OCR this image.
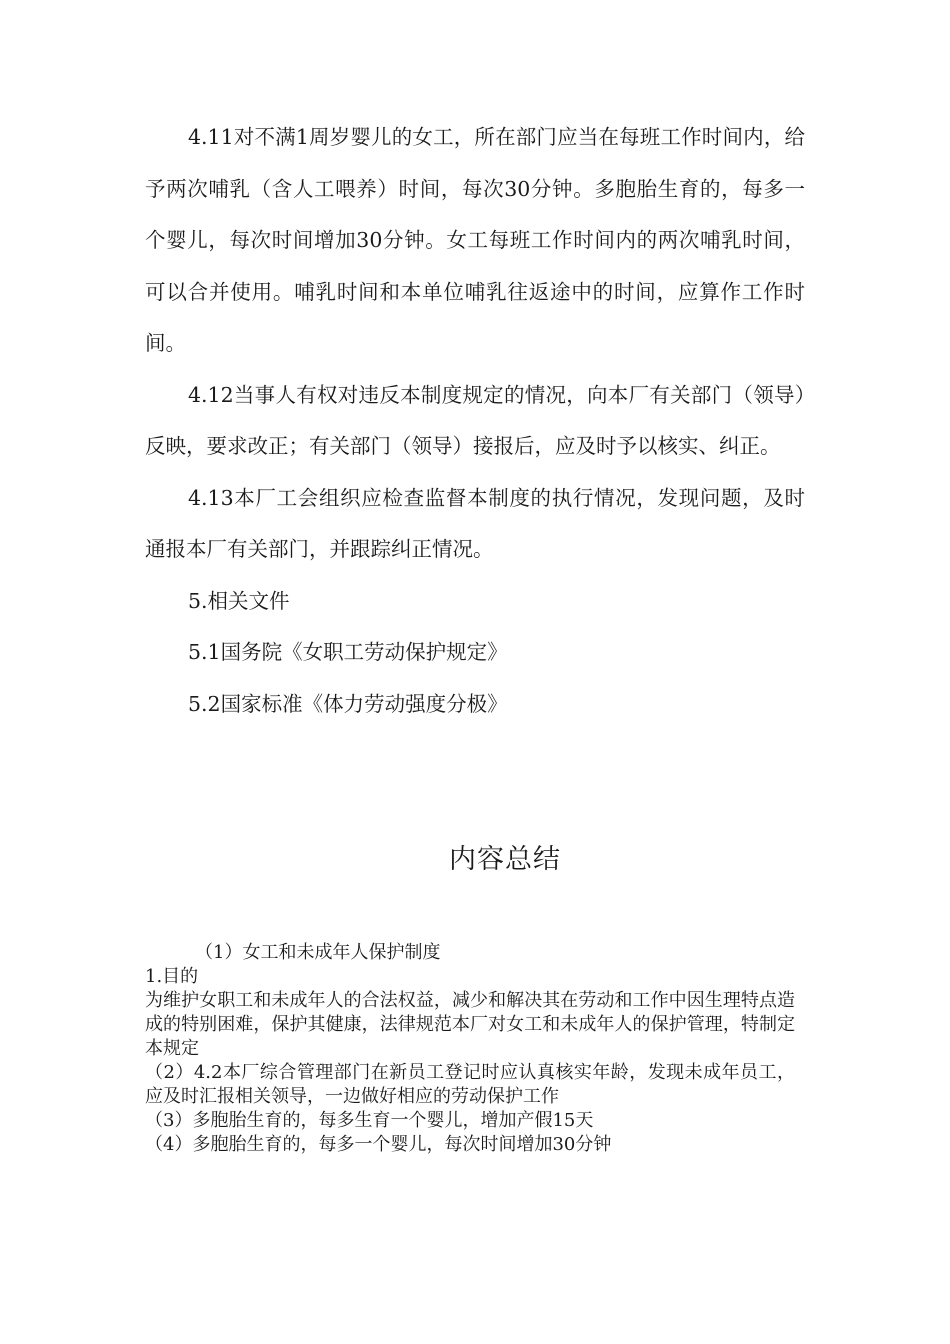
4.11对不满1周岁婴儿的女工，所在部门应当在每班工作时间内，给予两次哺乳（含人工喂养）时间，每次30分钟。多胞胎生育的，每多一个婴儿，每次时间增加30分钟。女工每班工作时间内的两次哺乳时间，可以合并使用。哺乳时间和本单位哺乳往返途中的时间，应算作工作时间。

4.12当事人有权对违反本制度规定的情况，向本厂有关部门（领导）反映，要求改正；有关部门（领导）接报后，应及时予以核实、纠正。

4.13本厂工会组织应检查监督本制度的执行情况，发现问题，及时通报本厂有关部门，并跟踪纠正情况。

5.相关文件

5.1国务院《女职工劳动保护规定》

5.2国家标准《体力劳动强度分极》

内容总结

（1）女工和未成年人保护制度

1.目的

为维护女职工和未成年人的合法权益，减少和解决其在劳动和工作中因生理特点造成的特别困难，保护其健康，法律规范本厂对女工和未成年人的保护管理，特制定本规定

（2）4.2本厂综合管理部门在新员工登记时应认真核实年龄，发现未成年员工，应及时汇报相关领导，一边做好相应的劳动保护工作

（3）多胞胎生育的，每多生育一个婴儿，增加产假15天

（4）多胞胎生育的，每多一个婴儿，每次时间增加30分钟
